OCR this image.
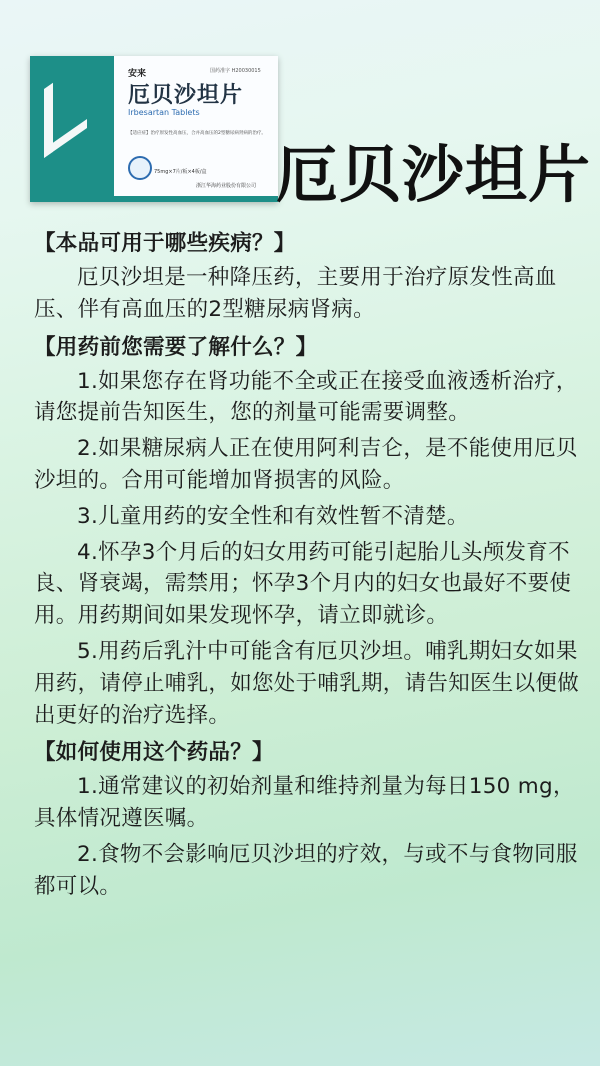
安来	国药准字 H20030015
厄贝沙坦片
Irbesartan Tablets
【适应症】治疗原发性高血压，合并高血压的2型糖尿病肾病的治疗。
75mg×7片/板×4板/盒
浙江华海药业股份有限公司 厄贝沙坦片
【本品可用于哪些疾病？】

厄贝沙坦是一种降压药，主要用于治疗原发性高血压、伴有高血压的2型糖尿病肾病。

【用药前您需要了解什么？】

1.如果您存在肾功能不全或正在接受血液透析治疗，请您提前告知医生，您的剂量可能需要调整。

2.如果糖尿病人正在使用阿利吉仑，是不能使用厄贝沙坦的。合用可能增加肾损害的风险。

3.儿童用药的安全性和有效性暂不清楚。

4.怀孕3个月后的妇女用药可能引起胎儿头颅发育不良、肾衰竭，需禁用；怀孕3个月内的妇女也最好不要使用。用药期间如果发现怀孕，请立即就诊。

5.用药后乳汁中可能含有厄贝沙坦。哺乳期妇女如果用药，请停止哺乳，如您处于哺乳期，请告知医生以便做出更好的治疗选择。

【如何使用这个药品？】

1.通常建议的初始剂量和维持剂量为每日150 mg，具体情况遵医嘱。

2.食物不会影响厄贝沙坦的疗效，与或不与食物同服都可以。
